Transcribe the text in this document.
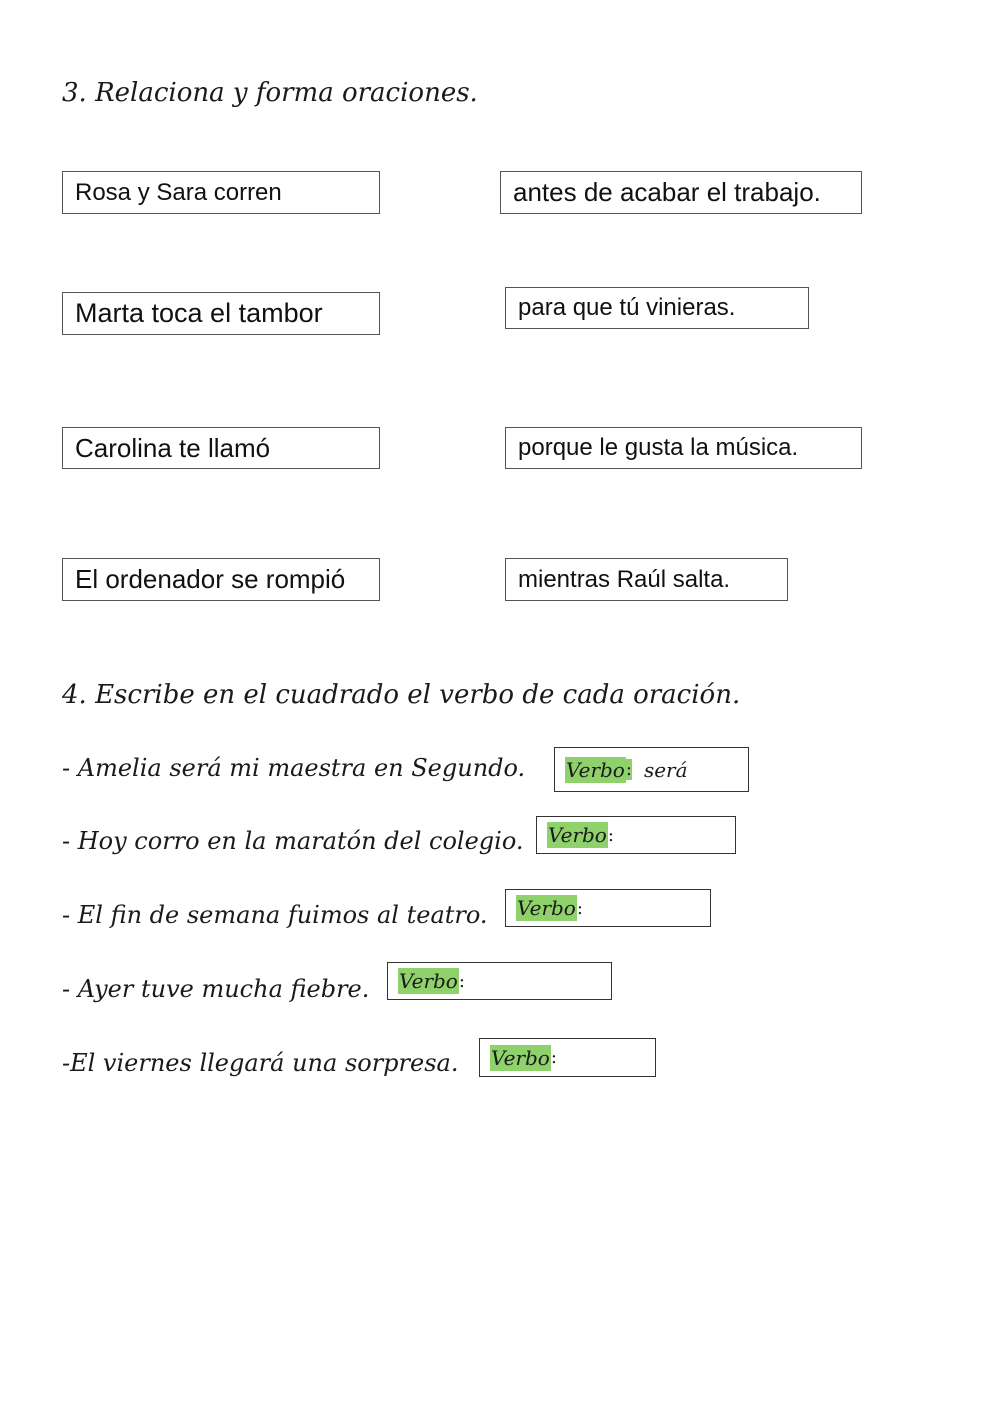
3. Relaciona y forma oraciones.
Rosa y Sara corren	antes de acabar el trabajo.
Marta toca el tambor	para que tú vinieras.
Carolina te llamó	porque le gusta la música.
El ordenador se rompió	mientras Raúl salta.
4. Escribe en el cuadrado el verbo de cada oración.
- Amelia será mi maestra en Segundo. Verbo : será
- Hoy corro en la maratón del colegio. Verbo :
- El fin de semana fuimos al teatro. Verbo :
- Ayer tuve mucha fiebre. Verbo :
-El viernes llegará una sorpresa. Verbo :
